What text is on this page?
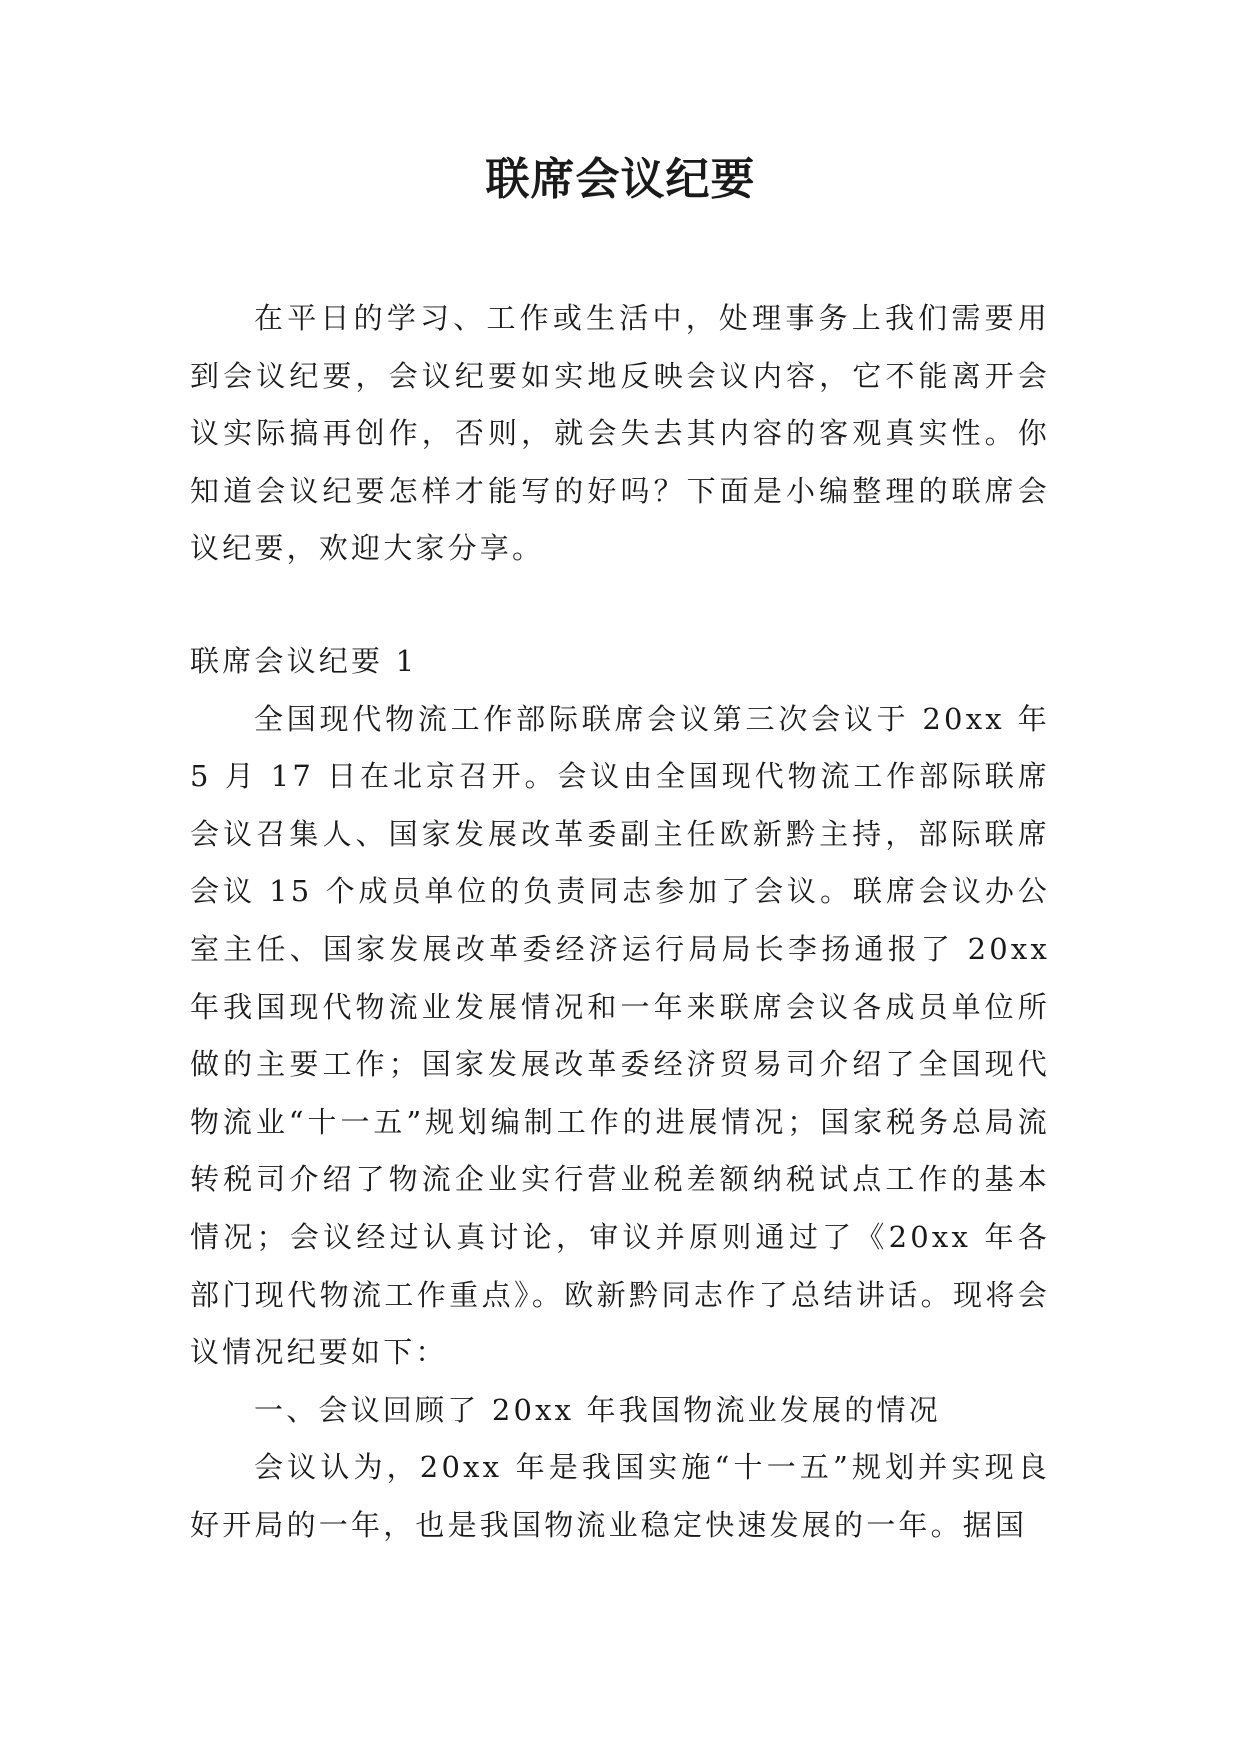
联席会议纪要

在平日的学习、工作或生活中，处理事务上我们需要用到会议纪要，会议纪要如实地反映会议内容，它不能离开会议实际搞再创作，否则，就会失去其内容的客观真实性。你知道会议纪要怎样才能写的好吗？下面是小编整理的联席会议纪要，欢迎大家分享。

联席会议纪要 1

全国现代物流工作部际联席会议第三次会议于 20xx 年 5 月 17 日在北京召开。会议由全国现代物流工作部际联席会议召集人、国家发展改革委副主任欧新黔主持，部际联席会议 15 个成员单位的负责同志参加了会议。联席会议办公室主任、国家发展改革委经济运行局局长李扬通报了 20xx 年我国现代物流业发展情况和一年来联席会议各成员单位所做的主要工作；国家发展改革委经济贸易司介绍了全国现代物流业“十一五”规划编制工作的进展情况；国家税务总局流转税司介绍了物流企业实行营业税差额纳税试点工作的基本情况；会议经过认真讨论，审议并原则通过了《20xx 年各部门现代物流工作重点》。欧新黔同志作了总结讲话。现将会议情况纪要如下：

一、会议回顾了 20xx 年我国物流业发展的情况

会议认为，20xx 年是我国实施“十一五”规划并实现良好开局的一年，也是我国物流业稳定快速发展的一年。据国
